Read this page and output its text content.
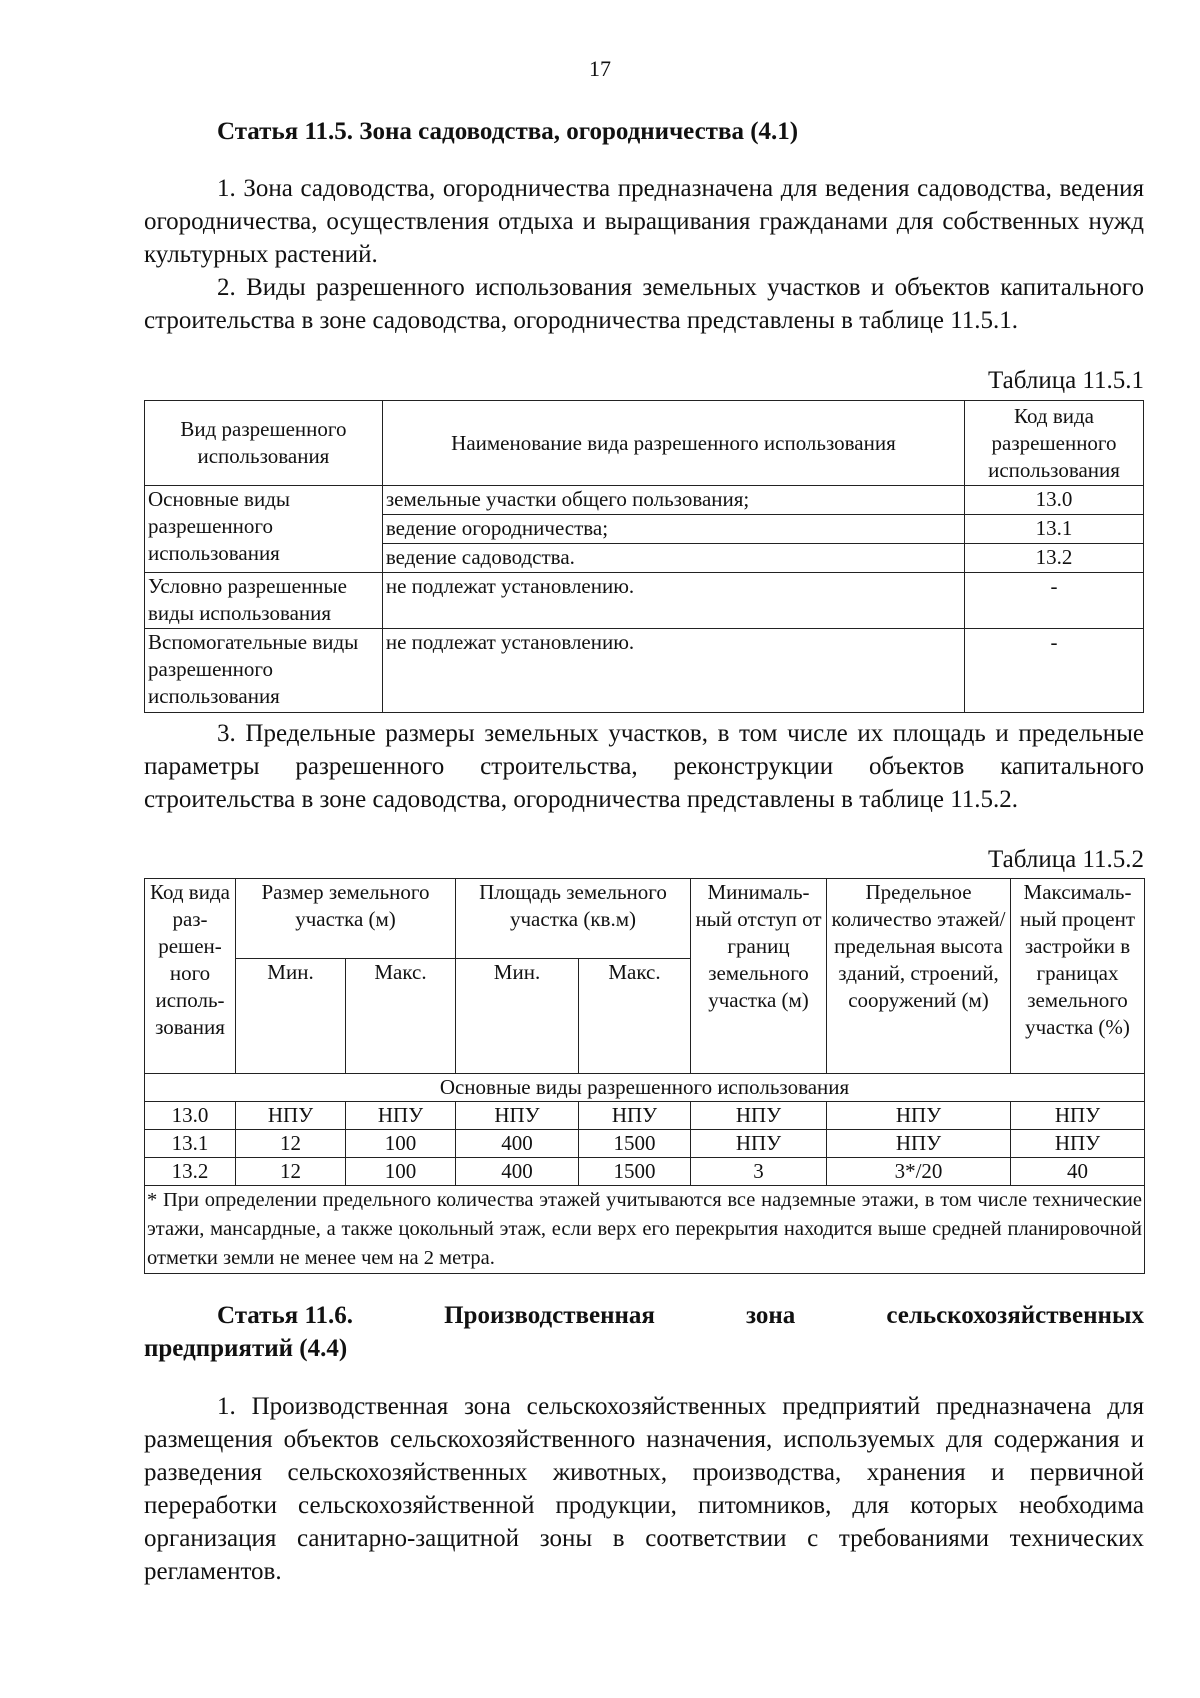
17
Статья 11.5. Зона садоводства, огородничества (4.1)
1. Зона садоводства, огородничества предназначена для ведения садоводства, ведения огородничества, осуществления отдыха и выращивания гражданами для собственных нужд культурных растений.
2. Виды разрешенного использования земельных участков и объектов капитального строительства в зоне садоводства, огородничества представлены в таблице 11.5.1.
Таблица 11.5.1
Вид разрешенного использования	Наименование вида разрешенного использования	Код вида разрешенного использования
Основные виды разрешенного использования	земельные участки общего пользования;	13.0
	ведение огородничества;	13.1
	ведение садоводства.	13.2
Условно разрешенные виды использования	не подлежат установлению.	-
Вспомогательные виды разрешенного использования	не подлежат установлению.	-
3. Предельные размеры земельных участков, в том числе их площадь и предельные параметры разрешенного строительства, реконструкции объектов капитального строительства в зоне садоводства, огородничества представлены в таблице 11.5.2.
Таблица 11.5.2
Код вида раз-решен-ного исполь-зования	Размер земельного участка (м)		Площадь земельного участка (кв.м)		Минималь-ный отступ от границ земельного участка (м)	Предельное количество этажей/ предельная высота зданий, строений, сооружений (м)	Максималь-ный процент застройки в границах земельного участка (%)
	Мин.	Макс.	Мин.	Макс.			
Основные виды разрешенного использования							
13.0	НПУ	НПУ	НПУ	НПУ	НПУ	НПУ	НПУ
13.1	12	100	400	1500	НПУ	НПУ	НПУ
13.2	12	100	400	1500	3	3*/20	40
* При определении предельного количества этажей учитываются все надземные этажи, в том числе технические этажи, мансардные, а также цокольный этаж, если верх его перекрытия находится выше средней планировочной отметки земли не менее чем на 2 метра.							
Статья 11.6.	Производственная	зона	сельскохозяйственных
предприятий (4.4)
1. Производственная зона сельскохозяйственных предприятий предназначена для размещения объектов сельскохозяйственного назначения, используемых для содержания и разведения сельскохозяйственных животных, производства, хранения и первичной переработки сельскохозяйственной продукции, питомников, для которых необходима организация санитарно-защитной зоны в соответствии с требованиями технических регламентов.
